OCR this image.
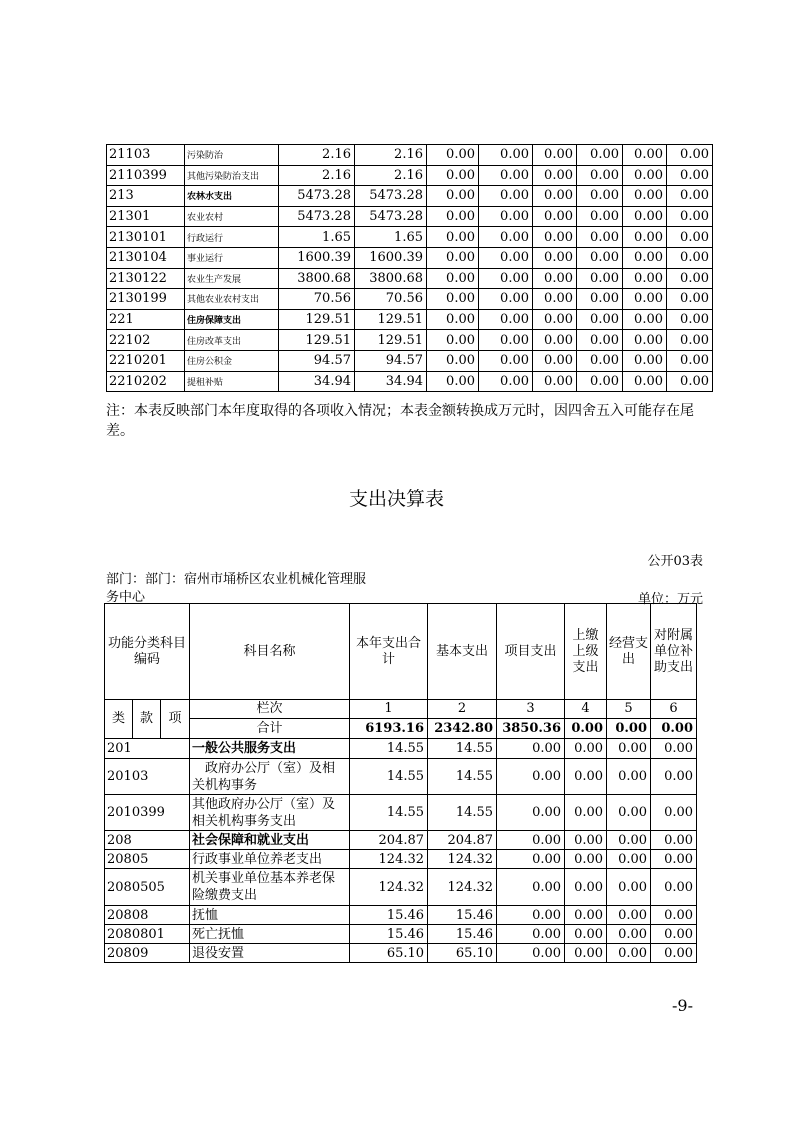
21103	污染防治	2.16	2.16	0.00	0.00	0.00	0.00	0.00	0.00
2110399	其他污染防治支出	2.16	2.16	0.00	0.00	0.00	0.00	0.00	0.00
213	农林水支出	5473.28	5473.28	0.00	0.00	0.00	0.00	0.00	0.00
21301	农业农村	5473.28	5473.28	0.00	0.00	0.00	0.00	0.00	0.00
2130101	行政运行	1.65	1.65	0.00	0.00	0.00	0.00	0.00	0.00
2130104	事业运行	1600.39	1600.39	0.00	0.00	0.00	0.00	0.00	0.00
2130122	农业生产发展	3800.68	3800.68	0.00	0.00	0.00	0.00	0.00	0.00
2130199	其他农业农村支出	70.56	70.56	0.00	0.00	0.00	0.00	0.00	0.00
221	住房保障支出	129.51	129.51	0.00	0.00	0.00	0.00	0.00	0.00
22102	住房改革支出	129.51	129.51	0.00	0.00	0.00	0.00	0.00	0.00
2210201	住房公积金	94.57	94.57	0.00	0.00	0.00	0.00	0.00	0.00
2210202	提租补贴	34.94	34.94	0.00	0.00	0.00	0.00	0.00	0.00
注：本表反映部门本年度取得的各项收入情况；本表金额转换成万元时，因四舍五入可能存在尾差。
支出决算表
公开03表
部门：部门：宿州市埇桥区农业机械化管理服务中心	单位：万元
功能分类科目编码			科目名称	本年支出合计	基本支出	项目支出	上缴上级支出	经营支出	对附属单位补助支出
类	款	项	栏次	1	2	3	4	5	6
			合计	6193.16	2342.80	3850.36	0.00	0.00	0.00
201			一般公共服务支出	14.55	14.55	0.00	0.00	0.00	0.00
20103			　政府办公厅（室）及相关机构事务	14.55	14.55	0.00	0.00	0.00	0.00
2010399			其他政府办公厅（室）及相关机构事务支出	14.55	14.55	0.00	0.00	0.00	0.00
208			社会保障和就业支出	204.87	204.87	0.00	0.00	0.00	0.00
20805			行政事业单位养老支出	124.32	124.32	0.00	0.00	0.00	0.00
2080505			机关事业单位基本养老保险缴费支出	124.32	124.32	0.00	0.00	0.00	0.00
20808			抚恤	15.46	15.46	0.00	0.00	0.00	0.00
2080801			死亡抚恤	15.46	15.46	0.00	0.00	0.00	0.00
20809			退役安置	65.10	65.10	0.00	0.00	0.00	0.00
-9-
